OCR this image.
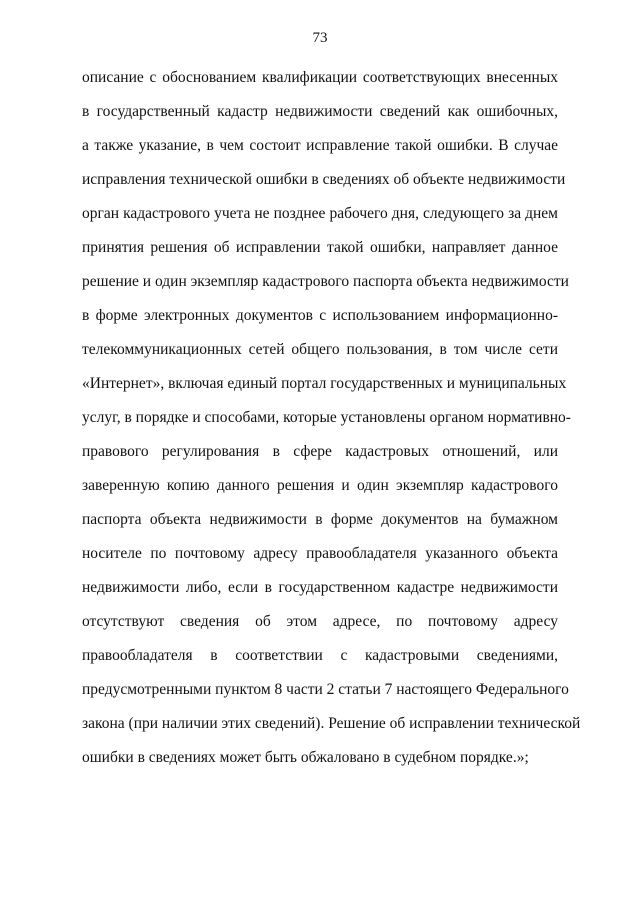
73
описание с обоснованием квалификации соответствующих внесенных
в государственный кадастр недвижимости сведений как ошибочных,
а также указание, в чем состоит исправление такой ошибки. В случае
исправления технической ошибки в сведениях об объекте недвижимости
орган кадастрового учета не позднее рабочего дня, следующего за днем
принятия решения об исправлении такой ошибки, направляет данное
решение и один экземпляр кадастрового паспорта объекта недвижимости
в форме электронных документов с использованием информационно-
телекоммуникационных сетей общего пользования, в том числе сети
«Интернет», включая единый портал государственных и муниципальных
услуг, в порядке и способами, которые установлены органом нормативно-
правового регулирования в сфере кадастровых отношений, или
заверенную копию данного решения и один экземпляр кадастрового
паспорта объекта недвижимости в форме документов на бумажном
носителе по почтовому адресу правообладателя указанного объекта
недвижимости либо, если в государственном кадастре недвижимости
отсутствуют сведения об этом адресе, по почтовому адресу
правообладателя в соответствии с кадастровыми сведениями,
предусмотренными пунктом 8 части 2 статьи 7 настоящего Федерального
закона (при наличии этих сведений). Решение об исправлении технической
ошибки в сведениях может быть обжаловано в судебном порядке.»;
